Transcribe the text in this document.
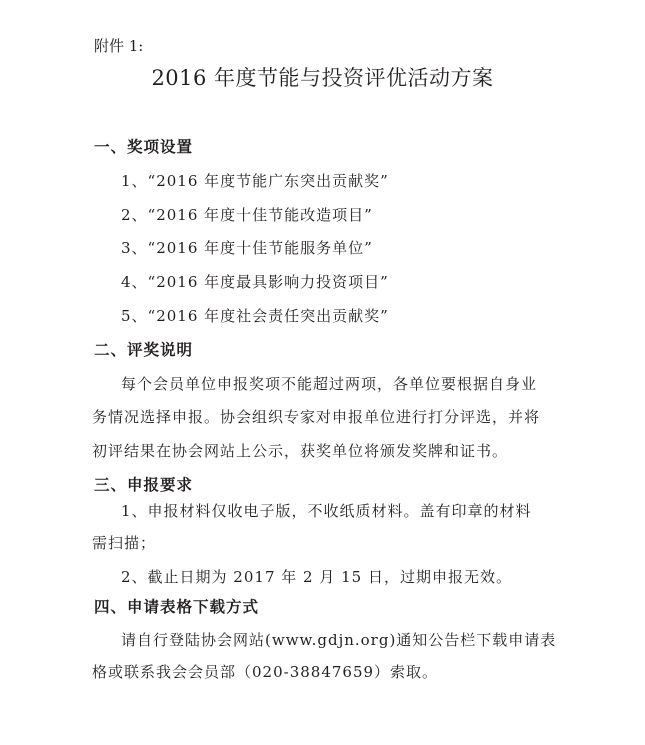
附件 1:
2016 年度节能与投资评优活动方案
一、奖项设置
1、“2016 年度节能广东突出贡献奖”
2、“2016 年度十佳节能改造项目”
3、“2016 年度十佳节能服务单位”
4、“2016 年度最具影响力投资项目”
5、“2016 年度社会责任突出贡献奖”
二、评奖说明
每个会员单位申报奖项不能超过两项，各单位要根据自身业
务情况选择申报。协会组织专家对申报单位进行打分评选，并将
初评结果在协会网站上公示，获奖单位将颁发奖牌和证书。
三、申报要求
1、申报材料仅收电子版，不收纸质材料。盖有印章的材料
需扫描；
2、截止日期为 2017 年 2 月 15 日，过期申报无效。
四、申请表格下载方式
请自行登陆协会网站(www.gdjn.org)通知公告栏下载申请表
格或联系我会会员部（020-38847659）索取。
